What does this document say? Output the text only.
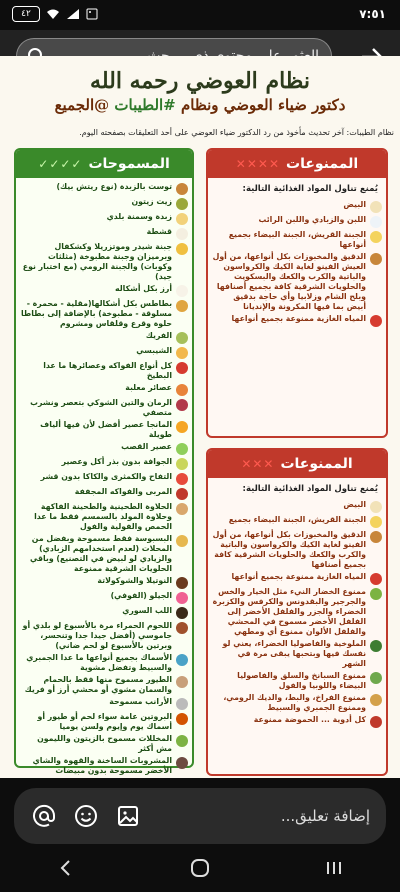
٤٢	٧:٥١
نظام العوضي رحمه الله
دكتور ضياء العوضي ونظام #الطيبات @الجميع
نظام الطيبات: آخر تحديث مأخوذ من رد الدكتور ضياء العوضي على أحد التعليقات بصفحته اليوم.
المسموحات
✓✓✓✓
توست بالزبدة (نوع ريتش بيك)
زيت زيتون
زبدة وسمنة بلدي
قشطة
جبنة شيدر وموتزريلا وكشكفال وبرميزان وجبنة مطبوخة (مثلثات وكوبات) والجبنة الرومي (مع اختبار نوع جيد)
أرز بكل أشكاله
بطاطس بكل أشكالها(مقلية - محمرة - مسلوقة - مطبوخة) بالإضافة إلى بطاطا حلوة وقرع وقلقاس ومشروم
الفريك
الشيبسي
كل أنواع الفواكه وعصائرها ما عدا البطيخ
عصائر معلبة
الرمان والتين الشوكي بتعصر ونشرب متصفي
المانجا عصير أفضل لأن فيها ألياف طويلة
عصير القصب
الجوافة بدون بذر أكل وعصير
التفاح والكمثرى والكاكا بدون قشر
المربى والفواكه المجففة
الحلاوة الطحينية والطحينة الفاكهة وحلاوة المولد بالسمسم فقط ما عدا الحمص والفولية والفول
البسبوسة فقط مسموحة وبفضل من المحلات (لعدم استخدامهم الزبادي) والزيادي لو لبيض في التصنيع) وباقي الحلويات الشرقية ممنوعة
النوتيلا والشوكولاتة
الجيلو (الفوفي)
اللب السوري
اللحوم الحمراء مرة بالأسبوع لو بلدي أو جاموسي (أفضل جيدا جدا وتنحسر، وبرتين بالأسبوع لو لحم ضاني)
الأسماك بجميع أنواعها ما عدا الجمبري والسبيط وتفضل مشوية
الطيور مسموح منها فقط بالحمام والسمان مشوي أو محشي أرز أو فريك
الأرانب مسموحة
البروتين عامة سواء لحم أو طيور أو أسماك يوم وإيوم ولسن يوميا
المخللات مسموح بالزيتون والليمون مش أكثر
المشروبات الساخنة والقهوة والشاي الأخضر مسموحة بدون مبيضات
الممنوعات
✕✕✕✕
يُمنع تناول المواد الغذائية التالية:
البيض
اللبن والزبادي واللبن الرائب
الجبنة القريش، الجبنة البيضاء بجميع أنواعها
الدقيق والمخبوزات بكل أنواعها، من أول العيش الفينو لغاية الكيك والكرواسون والباتية والكرب والكعك والبسكويت والحلويات الشرقية كافة بجميع أصنافها وبلح الشام وزلابيا وأي حاجة بدقيق أبيض بما فيها المكرونة والإنديانا
المياه الغازية ممنوعة بجميع أنواعها
الممنوعات
✕✕✕
يُمنع تناول المواد الغذائية التالية:
البيض
الجبنة القريش، الجبنة البيضاء بجميع
الدقيق والمخبوزات بكل أنواعها، من أول الفينو لغاية الكيك والكرواسون والباتية والكرب والكعك والحلويات الشرقية كافة بجميع أصنافها
المياه الغازية ممنوعة بجميع أنواعها
ممنوع الخضار النيء مثل الخيار والخس والجرجير والبقدونس والكرفس والكزبرة الخضراء والجزر والفلفل الأخضر إلى الفلفل الأخضر مسموح في المحشي والفلفل الألوان ممنوع أي ومطهي
الملوخية والفاصوليا الخضراء، يعني لو نفسك فيها وبتحبها يبقى مرة في الشهر
ممنوع السبانخ والسلق والفاصوليا البيضاء واللوبيا والفول
ممنوع الفراخ، والبط، والديك الرومي، وممنوع الجمبري والسبيط
كل أدوية ... الحموضة ممنوعة
إضافة تعليق...
